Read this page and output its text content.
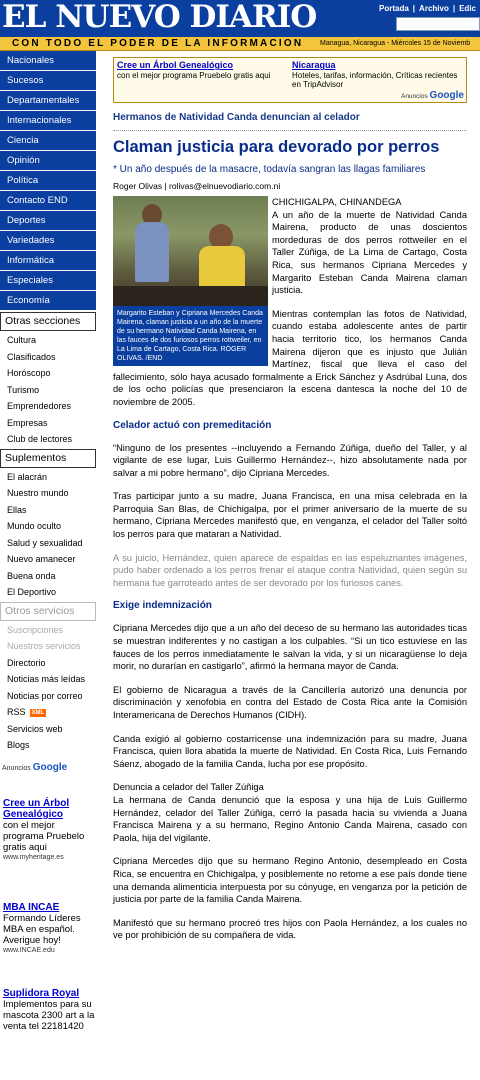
EL NUEVO DIARIO	Portada | Archivo | Edic
CON TODO EL PODER DE LA INFORMACION Managua, Nicaragua - Miércoles 15 de Noviemb
Nacionales
Sucesos
Departamentales
Internacionales
Ciencia
Opinión
Política
Contacto END
Deportes
Variedades
Informática
Especiales
Economía
Otras secciones
Cultura
Clasificados
Horóscopo
Turismo
Emprendedores
Empresas
Club de lectores
Suplementos
El alacrán
Nuestro mundo
Ellas
Mundo oculto
Salud y sexualidad
Nuevo amanecer
Buena onda
El Deportivo
Otros servicios
Suscripciones
Nuestros servicios
Directorio
Noticias más leídas
Noticias por correo
RSS XML
Servicios web
Blogs
Anuncios Google
Cree un Árbol Genealógico
con el mejor programa Pruebelo gratis aqui
www.myheritage.es
MBA INCAE
Formando Líderes MBA en español. Averigue hoy!
www.INCAE.edu
Suplidora Royal
Implementos para su mascota 2300 art a la venta tel 22181420
Cree un Árbol Genealógico
con el mejor programa Pruebelo gratis aqui
Nicaragua
Hoteles, tarifas, información, Críticas recientes en TripAdvisor
Anuncios Google
Hermanos de Natividad Canda denuncian al celador
Claman justicia para devorado por perros
* Un año después de la masacre, todavía sangran las llagas familiares
Roger Olivas | rolivas@elnuevodiario.com.ni
Margarito Esteban y Cipriana Mercedes Canda Mairena, claman justicia a un año de la muerte de su hermano Natividad Canda Mairena, en las fauces de dos furiosos perros rottweiler, en La Lima de Cartago, Costa Rica. RÓGER OLIVAS. /END
CHICHIGALPA, CHINANDEGA
A un año de la muerte de Natividad Canda Mairena, producto de unas doscientos mordeduras de dos perros rottweiler en el Taller Zúñiga, de La Lima de Cartago, Costa Rica, sus hermanos Cipriana Mercedes y Margarito Esteban Canda Mairena claman justicia.
Mientras contemplan las fotos de Natividad, cuando estaba adolescente antes de partir hacia territorio tico, los hermanos Canda Mairena dijeron que es injusto que Julián Martínez, fiscal que lleva el caso del fallecimiento, sólo haya acusado formalmente a Erick Sánchez y Asdrúbal Luna, dos de los ocho policías que presenciaron la escena dantesca la noche del 10 de noviembre de 2005.
Celador actuó con premeditación
“Ninguno de los presentes --incluyendo a Fernando Zúñiga, dueño del Taller, y al vigilante de ese lugar, Luis Guillermo Hernández--, hizo absolutamente nada por salvar a mi pobre hermano”, dijo Cipriana Mercedes.
Tras participar junto a su madre, Juana Francisca, en una misa celebrada en la Parroquia San Blas, de Chichigalpa, por el primer aniversario de la muerte de su hermano, Cipriana Mercedes manifestó que, en venganza, el celador del Taller soltó los perros para que mataran a Natividad.
A su juicio, Hernández, quien aparece de espaldas en las espeluznantes imágenes, pudo haber ordenado a los perros frenar el ataque contra Natividad, quien según su hermana fue garroteado antes de ser devorado por los furiosos canes.
Exige indemnización
Cipriana Mercedes dijo que a un año del deceso de su hermano las autoridades ticas se muestran indiferentes y no castigan a los culpables. “Si un tico estuviese en las fauces de los perros inmediatamente le salvan la vida, y si un nicaragüense lo deja morir, no durarían en castigarlo”, afirmó la hermana mayor de Canda.
El gobierno de Nicaragua a través de la Cancillería autorizó una denuncia por discriminación y xenofobia en contra del Estado de Costa Rica ante la Comisión Interamericana de Derechos Humanos (CIDH).
Canda exigió al gobierno costarricense una indemnización para su madre, Juana Francisca, quien llora abatida la muerte de Natividad. En Costa Rica, Luis Fernando Sáenz, abogado de la familia Canda, lucha por ese propósito.
Denuncia a celador del Taller Zúñiga
La hermana de Canda denunció que la esposa y una hija de Luis Guillermo Hernández, celador del Taller Zúñiga, cerró la pasada hacia su vivienda a Juana Francisca Mairena y a su hermano, Regino Antonio Canda Mairena, casado con Paola, hija del vigilante.
Cipriana Mercedes dijo que su hermano Regino Antonio, desempleado en Costa Rica, se encuentra en Chichigalpa, y posiblemente no retorne a ese país donde tiene una demanda alimenticia interpuesta por su cónyuge, en venganza por la petición de justicia por parte de la familia Canda Mairena.
Manifestó que su hermano procreó tres hijos con Paola Hernández, a los cuales no ve por prohibición de su compañera de vida.
